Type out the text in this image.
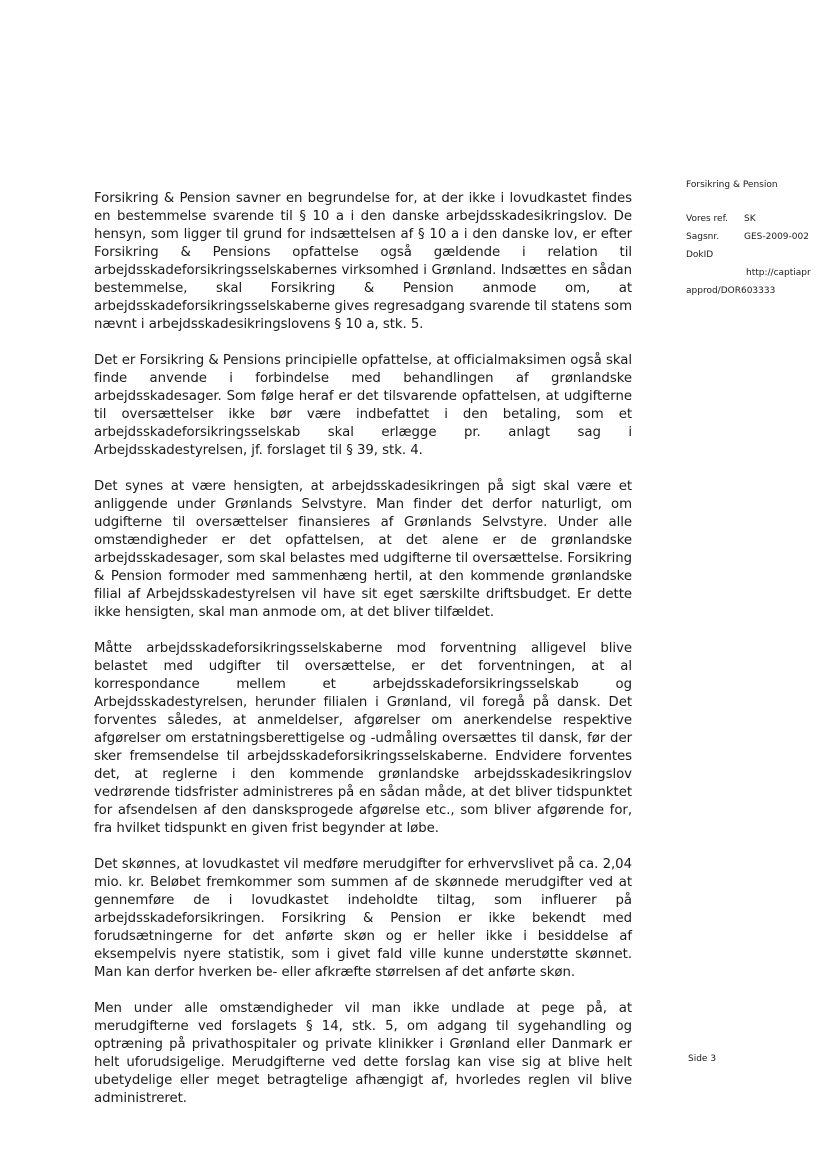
Forsikring & Pension savner en begrundelse for, at der ikke i lovudkastet findes en bestemmelse svarende til § 10 a i den danske arbejdsskadesikringslov. De hensyn, som ligger til grund for indsættelsen af § 10 a i den danske lov, er efter Forsikring & Pensions opfattelse også gældende i relation til arbejdsskadeforsikringsselskabernes virksomhed i Grønland. Indsættes en sådan bestemmelse, skal Forsikring & Pension anmode om, at arbejdsskadeforsikringsselskaberne gives regresadgang svarende til statens som nævnt i arbejdsskadesikringslovens § 10 a, stk. 5.

Det er Forsikring & Pensions principielle opfattelse, at officialmaksimen også skal finde anvende i forbindelse med behandlingen af grønlandske arbejdsskadesager. Som følge heraf er det tilsvarende opfattelsen, at udgifterne til oversættelser ikke bør være indbefattet i den betaling, som et arbejdsskadeforsikringsselskab skal erlægge pr. anlagt sag i Arbejdsskadestyrelsen, jf. forslaget til § 39, stk. 4.

Det synes at være hensigten, at arbejdsskadesikringen på sigt skal være et anliggende under Grønlands Selvstyre. Man finder det derfor naturligt, om udgifterne til oversættelser finansieres af Grønlands Selvstyre. Under alle omstændigheder er det opfattelsen, at det alene er de grønlandske arbejdsskadesager, som skal belastes med udgifterne til oversættelse. Forsikring & Pension formoder med sammenhæng hertil, at den kommende grønlandske filial af Arbejdsskadestyrelsen vil have sit eget særskilte driftsbudget. Er dette ikke hensigten, skal man anmode om, at det bliver tilfældet.

Måtte arbejdsskadeforsikringsselskaberne mod forventning alligevel blive belastet med udgifter til oversættelse, er det forventningen, at al korrespondance mellem et arbejdsskadeforsikringsselskab og Arbejdsskadestyrelsen, herunder filialen i Grønland, vil foregå på dansk. Det forventes således, at anmeldelser, afgørelser om anerkendelse respektive afgørelser om erstatningsberettigelse og -udmåling oversættes til dansk, før der sker fremsendelse til arbejdsskadeforsikringsselskaberne. Endvidere forventes det, at reglerne i den kommende grønlandske arbejdsskadesikringslov vedrørende tidsfrister administreres på en sådan måde, at det bliver tidspunktet for afsendelsen af den dansksprogede afgørelse etc., som bliver afgørende for, fra hvilket tidspunkt en given frist begynder at løbe.

Det skønnes, at lovudkastet vil medføre merudgifter for erhvervslivet på ca. 2,04 mio. kr. Beløbet fremkommer som summen af de skønnede merudgifter ved at gennemføre de i lovudkastet indeholdte tiltag, som influerer på arbejdsskadeforsikringen. Forsikring & Pension er ikke bekendt med forudsætningerne for det anførte skøn og er heller ikke i besiddelse af eksempelvis nyere statistik, som i givet fald ville kunne understøtte skønnet. Man kan derfor hverken be- eller afkræfte størrelsen af det anførte skøn.

Men under alle omstændigheder vil man ikke undlade at pege på, at merudgifterne ved forslagets § 14, stk. 5, om adgang til sygehandling og optræning på privathospitaler og private klinikker i Grønland eller Danmark er helt uforudsigelige. Merudgifterne ved dette forslag kan vise sig at blive helt ubetydelige eller meget betragtelige afhængigt af, hvorledes reglen vil blive administreret.

Forsikring & Pension
Vores ref.	SK
Sagsnr.	GES-2009-002
DokID
http://captiapr
approd/DOR603333
Side 3
